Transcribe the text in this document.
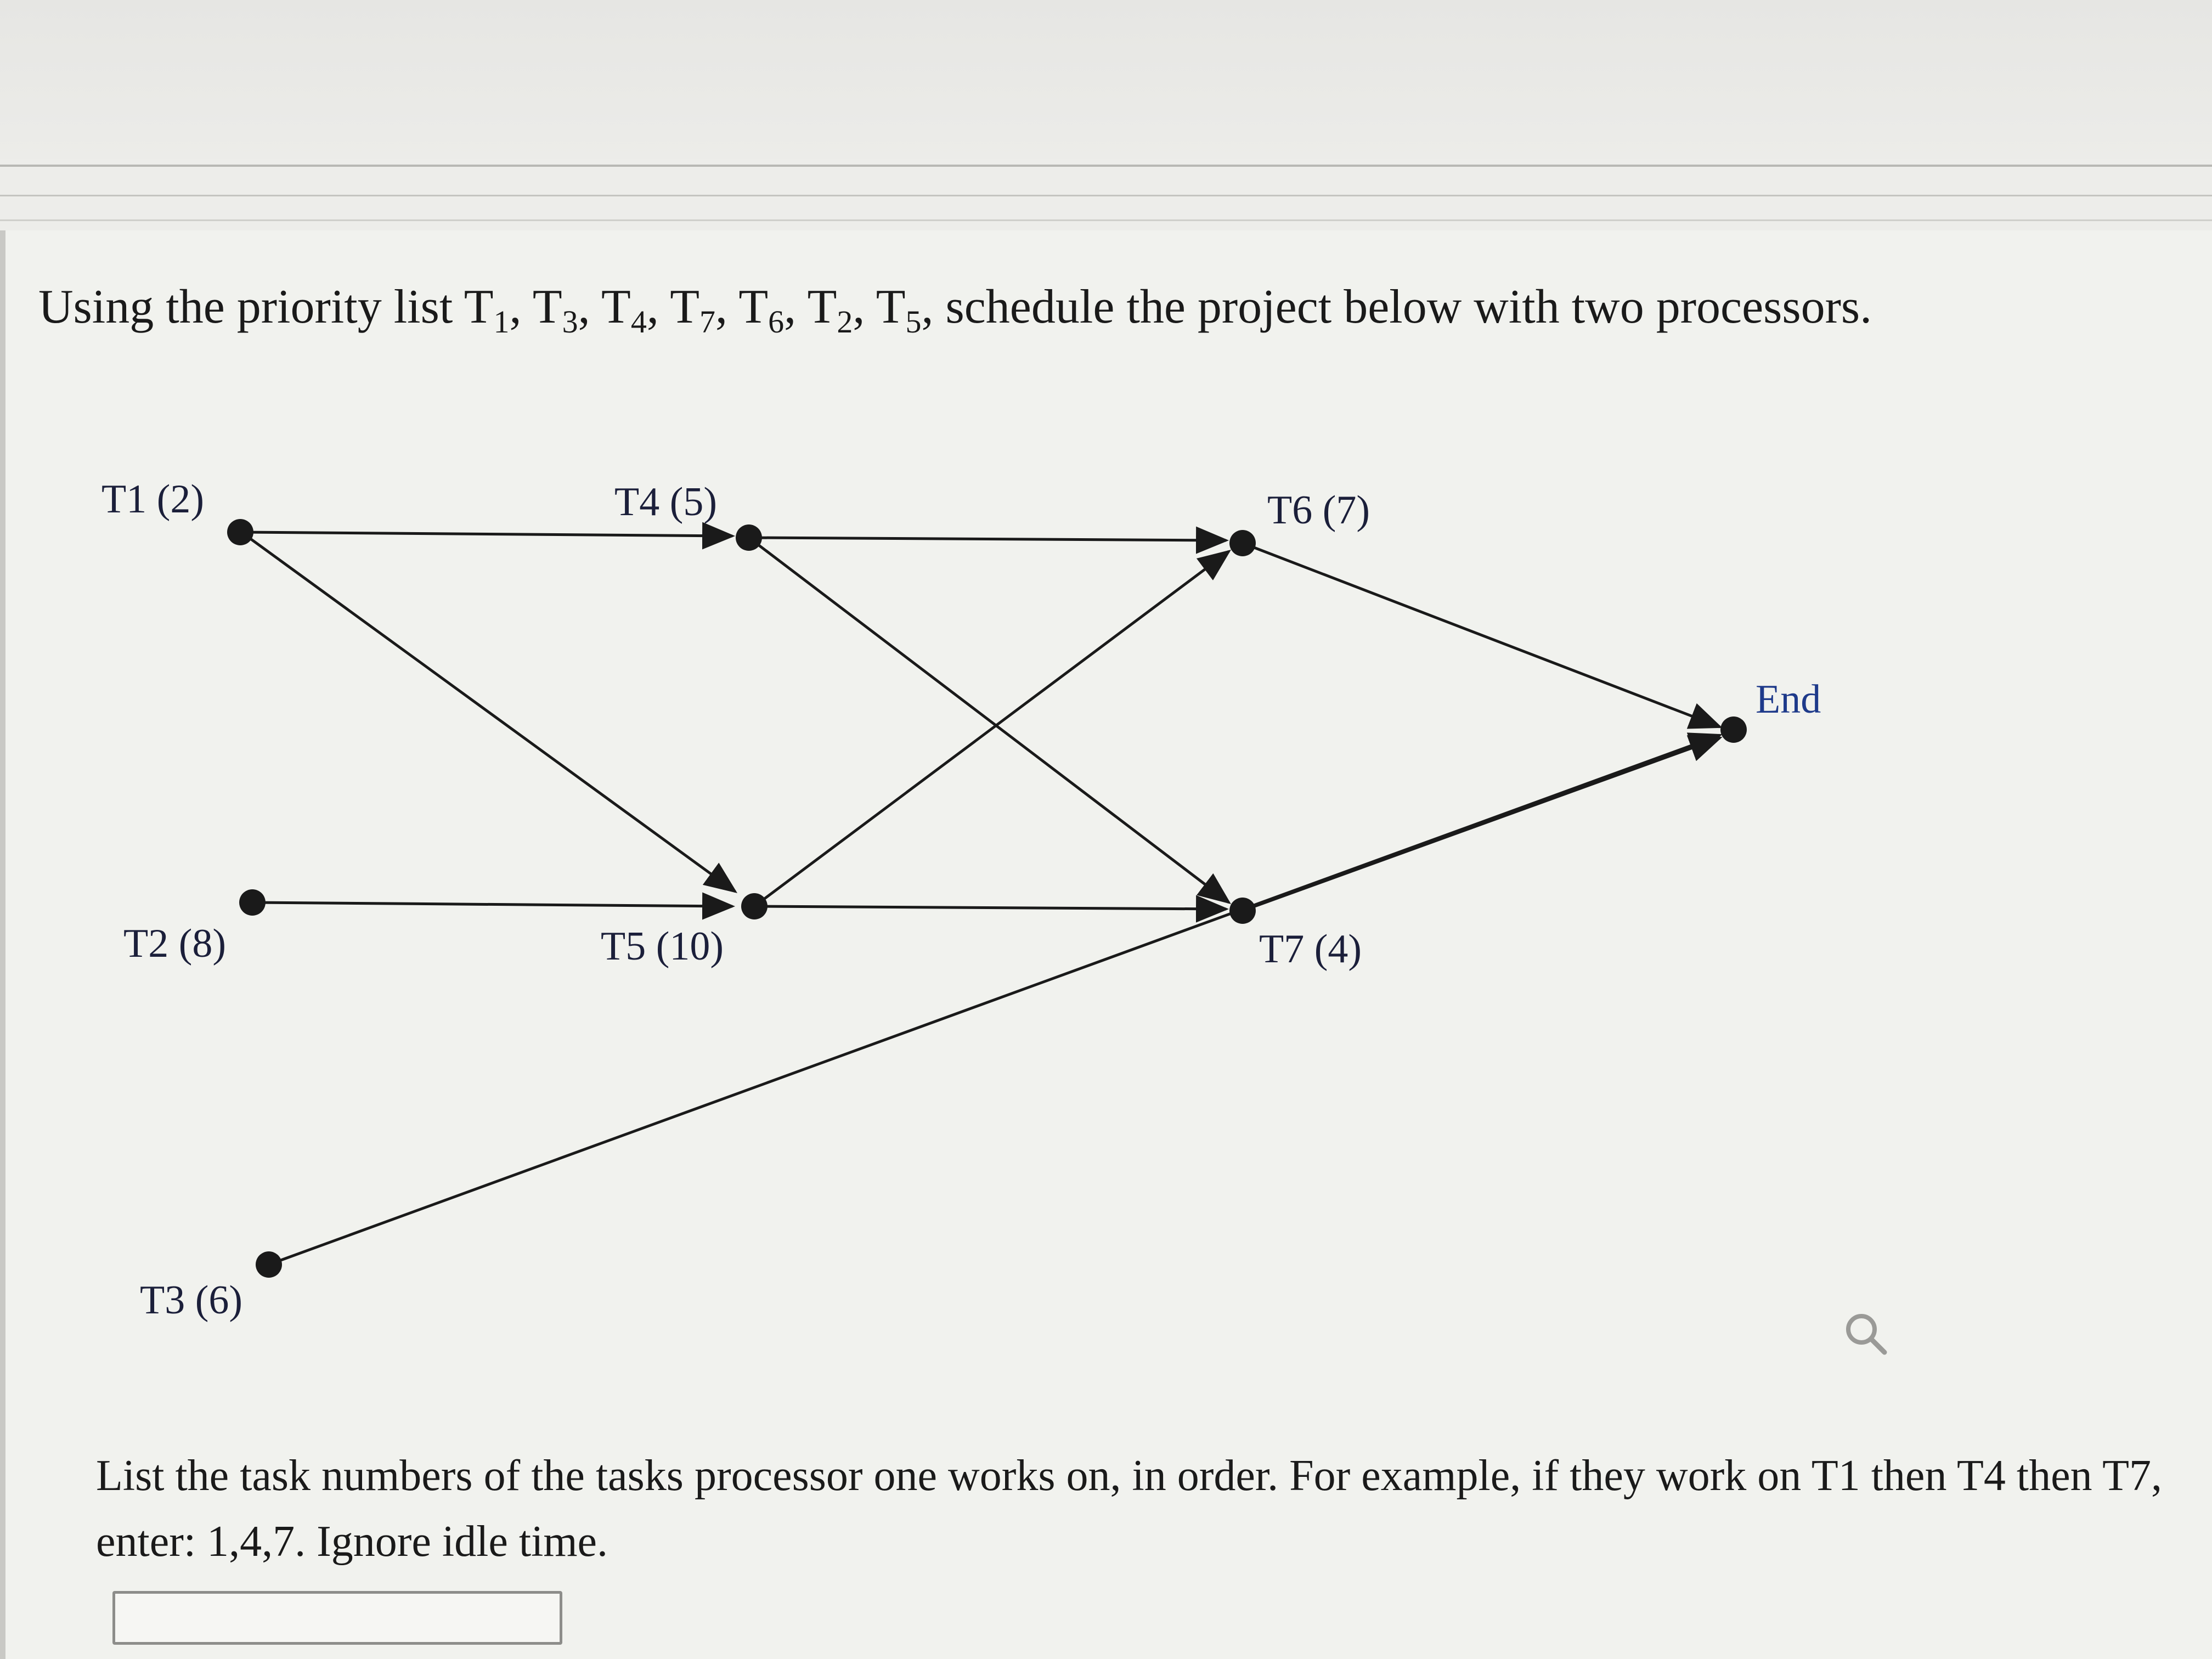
Using the priority list $T_1$, $T_3$, $T_4$, $T_7$, $T_6$, $T_2$, $T_5$, schedule the project below with two processors.
T1 (2)
T2 (8)
T3 (6)
T4 (5)
T5 (10)
T6 (7)
T7 (4)
End
List the task numbers of the tasks processor one works on, in order. For example, if they work on T1 then T4 then T7, enter: 1,4,7. Ignore idle time.
